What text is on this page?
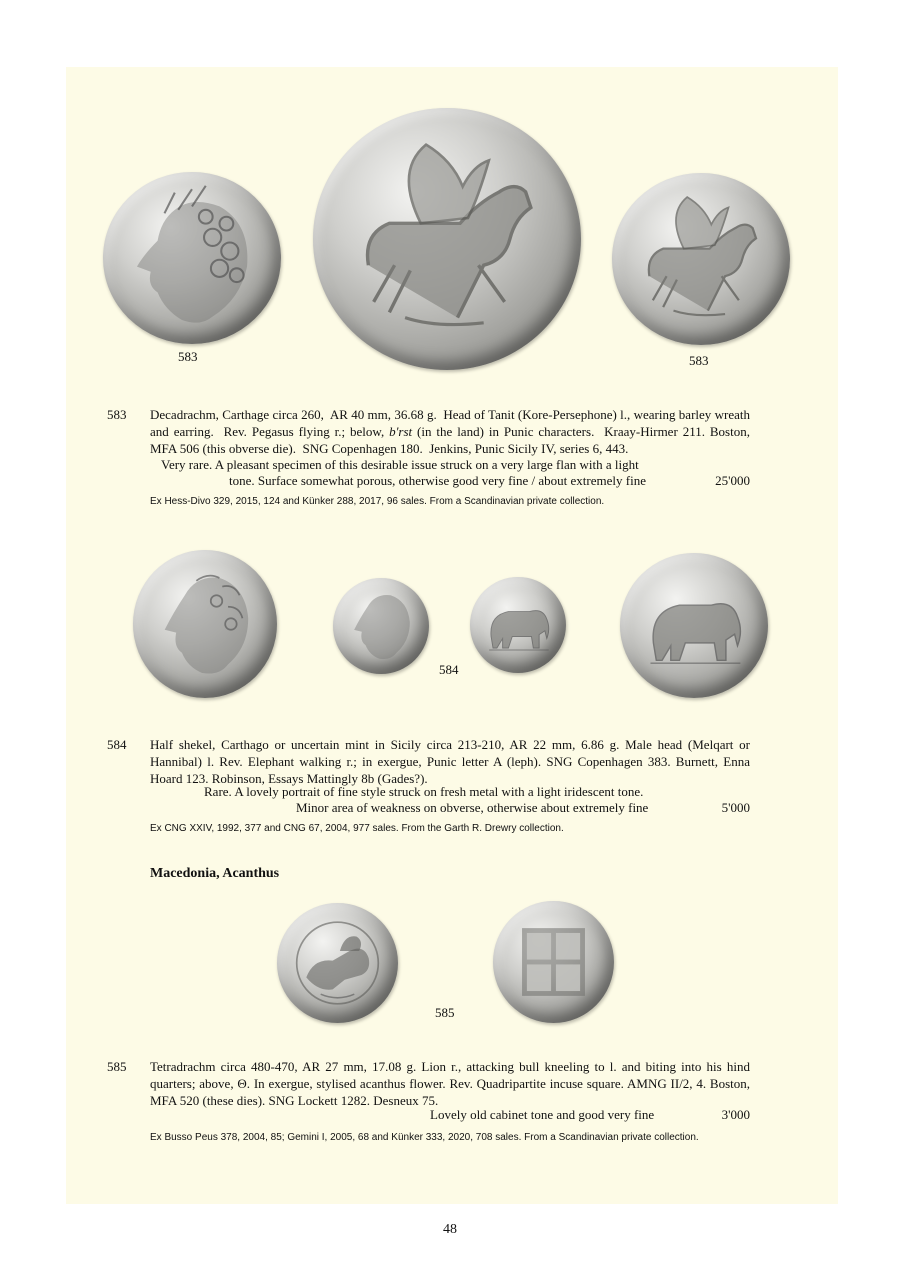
583	583
583 Decadrachm, Carthage circa 260,  AR 40 mm, 36.68 g.  Head of Tanit (Kore-Persephone) l., wearing barley wreath and earring.  Rev. Pegasus flying r.; below, b'rst (in the land) in Punic characters.  Kraay-Hirmer 211. Boston, MFA 506 (this obverse die).  SNG Copenhagen 180.  Jenkins, Punic Sicily IV, series 6, 443.
Very rare. A pleasant specimen of this desirable issue struck on a very large flan with a light
tone. Surface somewhat porous, otherwise good very fine / about extremely fine	25'000
Ex Hess-Divo 329, 2015, 124 and Künker 288, 2017, 96 sales. From a Scandinavian private collection.
584
584 Half shekel, Carthago or uncertain mint in Sicily circa 213-210, AR 22 mm, 6.86 g. Male head (Melqart or Hannibal) l. Rev. Elephant walking r.; in exergue, Punic letter A (leph). SNG Copenhagen 383. Burnett, Enna Hoard 123. Robinson, Essays Mattingly 8b (Gades?).
Rare. A lovely portrait of fine style struck on fresh metal with a light iridescent tone.
Minor area of weakness on obverse, otherwise about extremely fine	5'000
Ex CNG XXIV, 1992, 377 and CNG 67, 2004, 977 sales. From the Garth R. Drewry collection.
Macedonia, Acanthus
585
585 Tetradrachm circa 480-470, AR 27 mm, 17.08 g. Lion r., attacking bull kneeling to l. and biting into his hind quarters; above, Θ. In exergue, stylised acanthus flower. Rev. Quadripartite incuse square. AMNG II/2, 4. Boston, MFA 520 (these dies). SNG Lockett 1282. Desneux 75.
Lovely old cabinet tone and good very fine	3'000
Ex Busso Peus 378, 2004, 85; Gemini I, 2005, 68 and Künker 333, 2020, 708 sales. From a Scandinavian private collection.
48
